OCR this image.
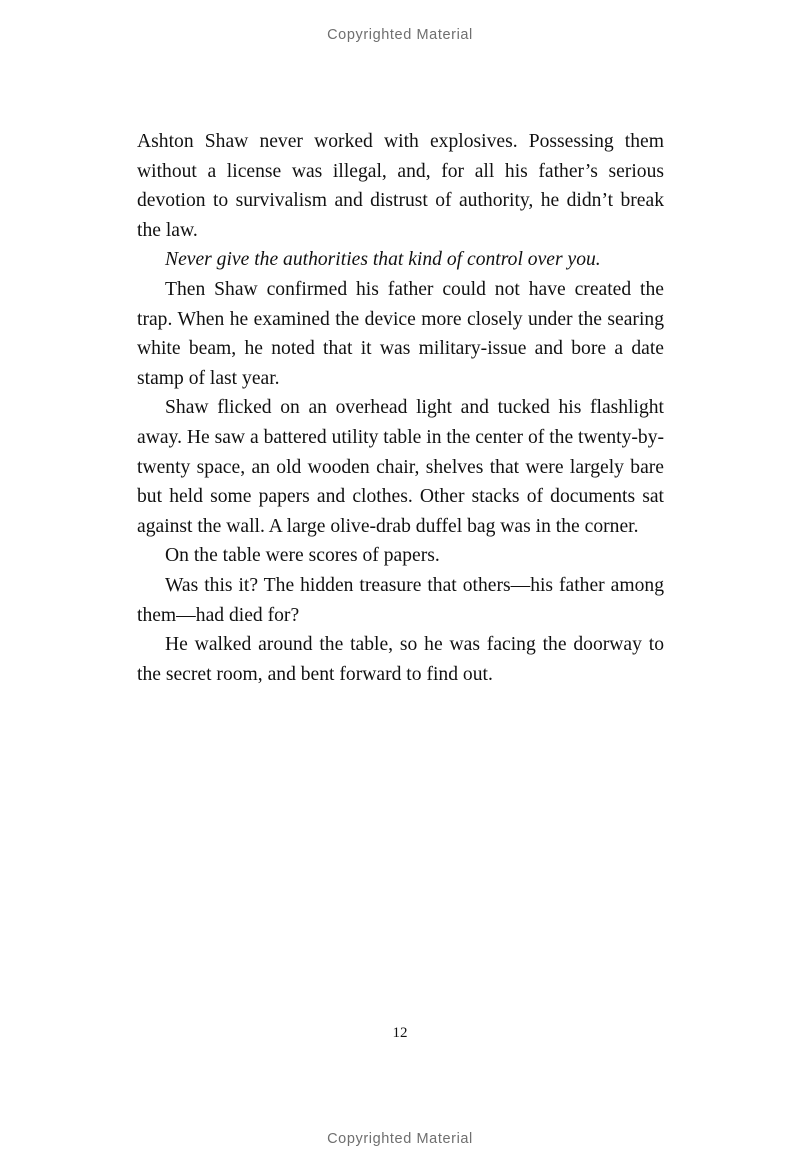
Copyrighted Material

Ashton Shaw never worked with explosives. Possessing them without a license was illegal, and, for all his father’s serious devotion to survivalism and distrust of authority, he didn’t break the law.

Never give the authorities that kind of control over you.

Then Shaw confirmed his father could not have created the trap. When he examined the device more closely under the searing white beam, he noted that it was military-issue and bore a date stamp of last year.

Shaw flicked on an overhead light and tucked his flashlight away. He saw a battered utility table in the center of the twenty-by-twenty space, an old wooden chair, shelves that were largely bare but held some papers and clothes. Other stacks of documents sat against the wall. A large olive-drab duffel bag was in the corner.

On the table were scores of papers.

Was this it? The hidden treasure that others—his father among them—had died for?

He walked around the table, so he was facing the doorway to the secret room, and bent forward to find out.

12
Copyrighted Material
